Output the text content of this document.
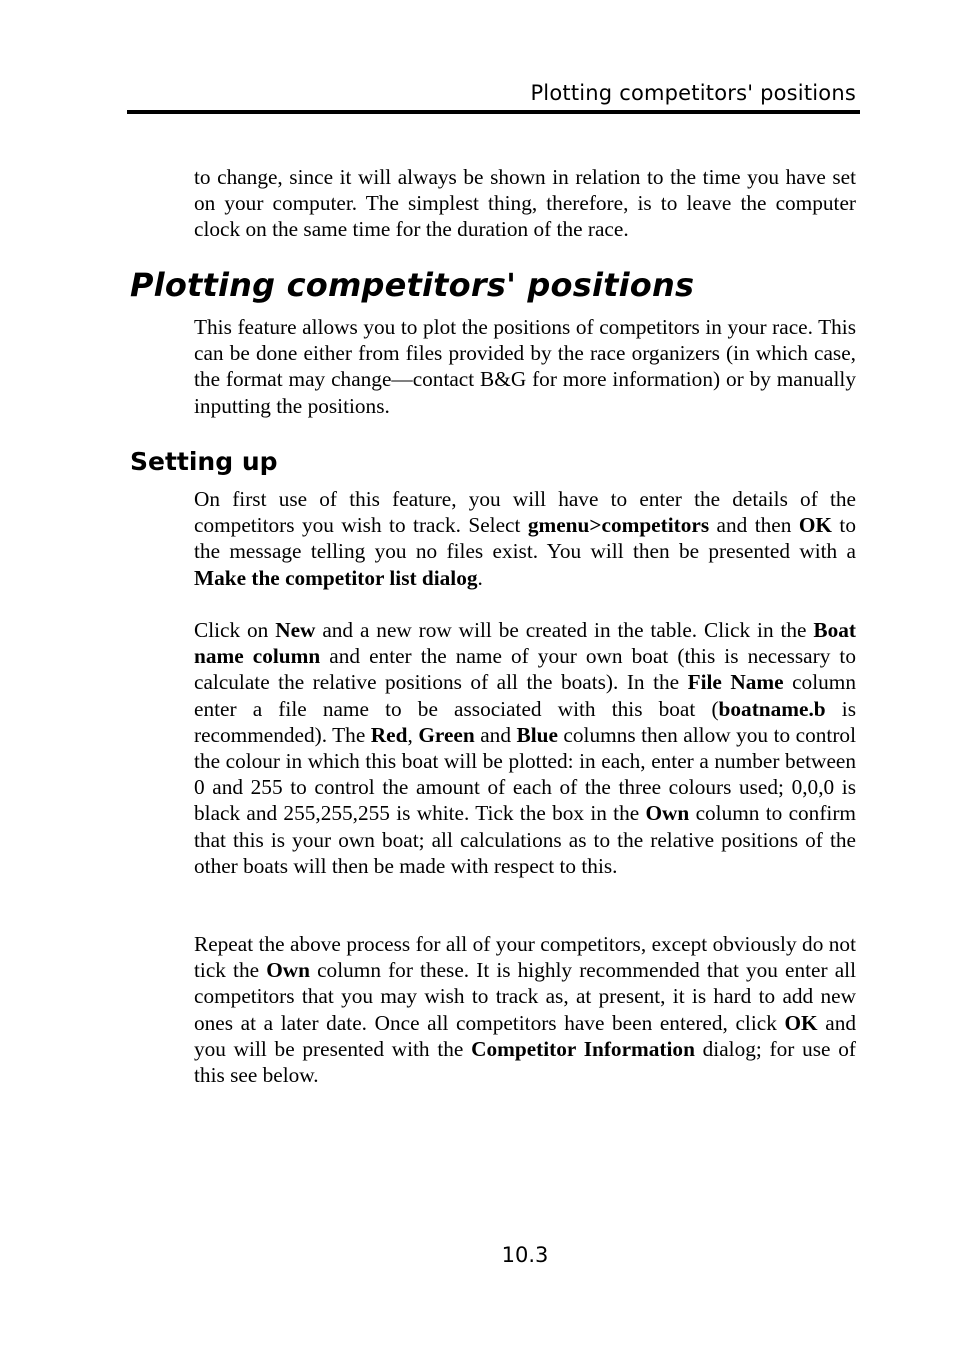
Plotting competitors' positions

to change, since it will always be shown in relation to the time you have set on your computer. The simplest thing, therefore, is to leave the computer clock on the same time for the duration of the race.

Plotting competitors' positions

This feature allows you to plot the positions of competitors in your race. This can be done either from files provided by the race organizers (in which case, the format may change—contact B&G for more information) or by manually inputting the positions.

Setting up

On first use of this feature, you will have to enter the details of the competitors you wish to track. Select gmenu>competitors and then OK to the message telling you no files exist. You will then be presented with a Make the competitor list dialog.

Click on New and a new row will be created in the table. Click in the Boat name column and enter the name of your own boat (this is necessary to calculate the relative positions of all the boats). In the File Name column enter a file name to be associated with this boat (boatname.b is recommended). The Red, Green and Blue columns then allow you to control the colour in which this boat will be plotted: in each, enter a number between 0 and 255 to control the amount of each of the three colours used; 0,0,0 is black and 255,255,255 is white. Tick the box in the Own column to confirm that this is your own boat; all calculations as to the relative positions of the other boats will then be made with respect to this.

Repeat the above process for all of your competitors, except obviously do not tick the Own column for these. It is highly recommended that you enter all competitors that you may wish to track as, at present, it is hard to add new ones at a later date. Once all competitors have been entered, click OK and you will be presented with the Competitor Information dialog; for use of this see below.

10.3
